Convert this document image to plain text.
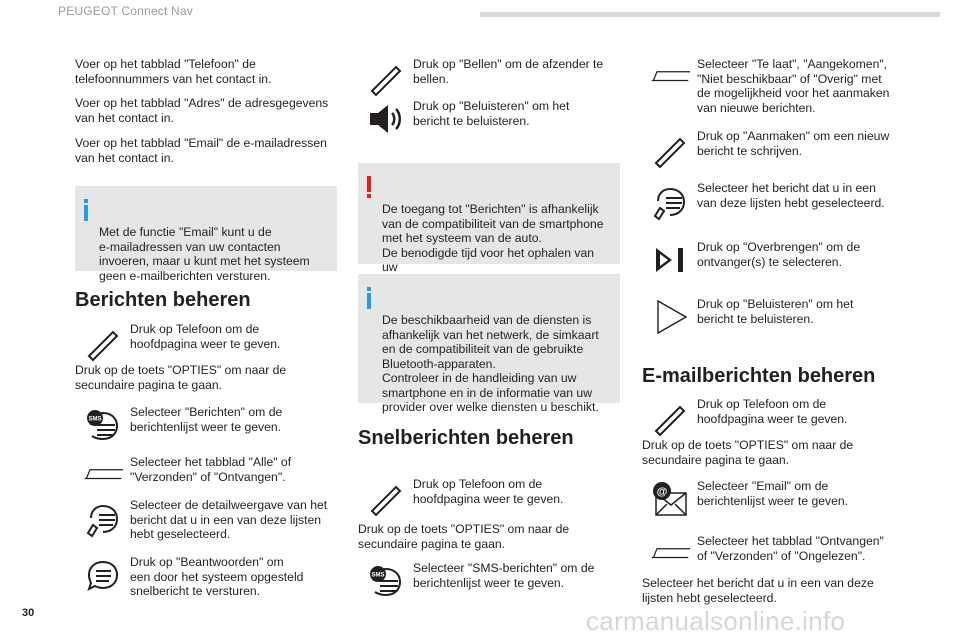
PEUGEOT Connect Nav
Voer op het tabblad "Telefoon" de
telefoonnummers van het contact in.
Voer op het tabblad "Adres" de adresgegevens
van het contact in.
Voer op het tabblad "Email" de e-mailadressen
van het contact in.

Met de functie "Email" kunt u de
e-mailadressen van uw contacten
invoeren, maar u kunt met het systeem
geen e-mailberichten versturen.

Berichten beheren
Druk op Telefoon om de
hoofdpagina weer te geven.
Druk op de toets "OPTIES" om naar de
secundaire pagina te gaan.
SMS
Selecteer "Berichten" om de
berichtenlijst weer te geven.
Selecteer het tabblad "Alle" of
"Verzonden" of "Ontvangen".
Selecteer de detailweergave van het
bericht dat u in een van deze lijsten
hebt geselecteerd.
Druk op "Beantwoorden" om
een door het systeem opgesteld
snelbericht te versturen.
Druk op "Bellen" om de afzender te
bellen.
Druk op "Beluisteren" om het
bericht te beluisteren.

De toegang tot "Berichten" is afhankelijk
van de compatibiliteit van de smartphone
met het systeem van de auto.
De benodigde tijd voor het ophalen van uw

De beschikbaarheid van de diensten is
afhankelijk van het netwerk, de simkaart
en de compatibiliteit van de gebruikte
Bluetooth-apparaten.
Controleer in de handleiding van uw
smartphone en in de informatie van uw
provider over welke diensten u beschikt.

Snelberichten beheren
Druk op Telefoon om de
hoofdpagina weer te geven.
Druk op de toets "OPTIES" om naar de
secundaire pagina te gaan.
SMS
Selecteer "SMS-berichten" om de
berichtenlijst weer te geven.
Selecteer "Te laat", "Aangekomen",
"Niet beschikbaar" of "Overig" met
de mogelijkheid voor het aanmaken
van nieuwe berichten.
Druk op "Aanmaken" om een nieuw
bericht te schrijven.
Selecteer het bericht dat u in een
van deze lijsten hebt geselecteerd.
Druk op "Overbrengen" om de
ontvanger(s) te selecteren.
Druk op "Beluisteren" om het
bericht te beluisteren.
E-mailberichten beheren
Druk op Telefoon om de
hoofdpagina weer te geven.
Druk op de toets "OPTIES" om naar de
secundaire pagina te gaan.
@ Selecteer "Email" om de
berichtenlijst weer te geven.
Selecteer het tabblad "Ontvangen"
of "Verzonden" of "Ongelezen".
Selecteer het bericht dat u in een van deze
lijsten hebt geselecteerd.
30	carmanualsonline.info
